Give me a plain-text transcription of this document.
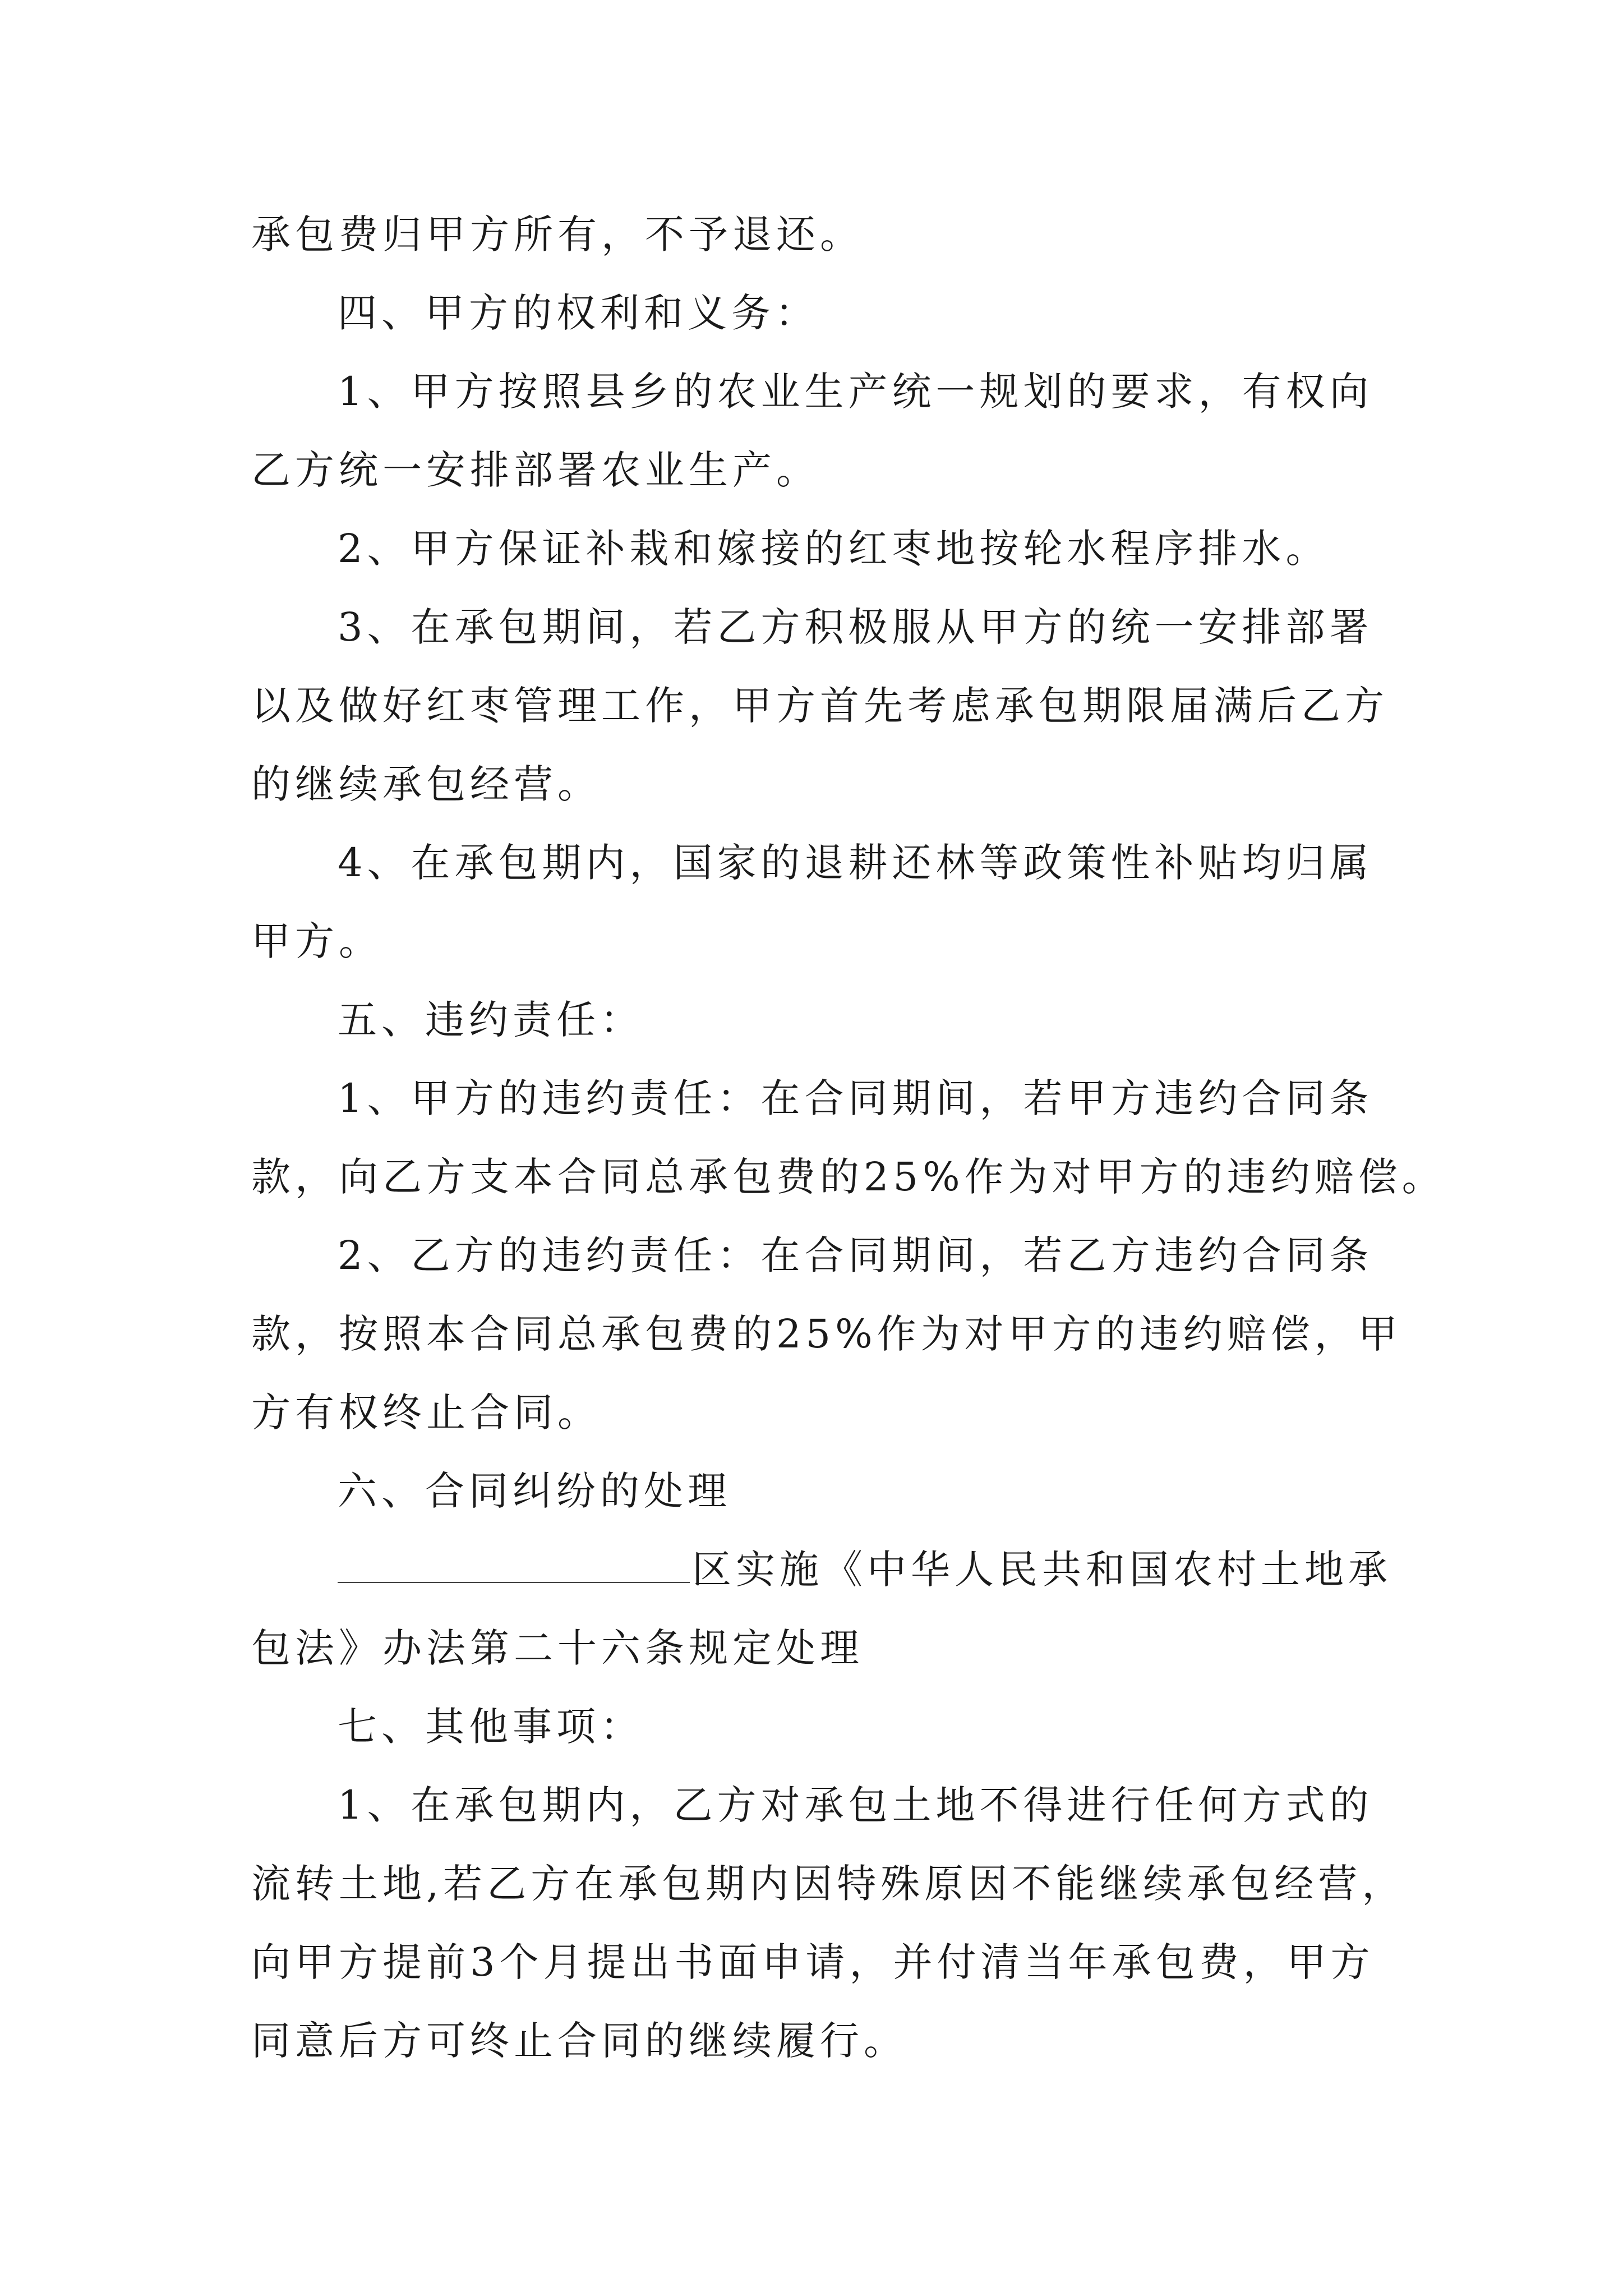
承包费归甲方所有，不予退还。

四、甲方的权利和义务：

1、甲方按照县乡的农业生产统一规划的要求，有权向

乙方统一安排部署农业生产。

2、甲方保证补栽和嫁接的红枣地按轮水程序排水。

3、在承包期间，若乙方积极服从甲方的统一安排部署

以及做好红枣管理工作，甲方首先考虑承包期限届满后乙方

的继续承包经营。

4、在承包期内，国家的退耕还林等政策性补贴均归属

甲方。

五、违约责任：

1、甲方的违约责任：在合同期间，若甲方违约合同条

款，向乙方支本合同总承包费的25%作为对甲方的违约赔偿。

2、乙方的违约责任：在合同期间，若乙方违约合同条

款，按照本合同总承包费的25%作为对甲方的违约赔偿，甲

方有权终止合同。

六、合同纠纷的处理

区实施《中华人民共和国农村土地承

包法》办法第二十六条规定处理

七、其他事项：

1、在承包期内，乙方对承包土地不得进行任何方式的

流转土地,若乙方在承包期内因特殊原因不能继续承包经营，

向甲方提前3个月提出书面申请，并付清当年承包费，甲方

同意后方可终止合同的继续履行。
